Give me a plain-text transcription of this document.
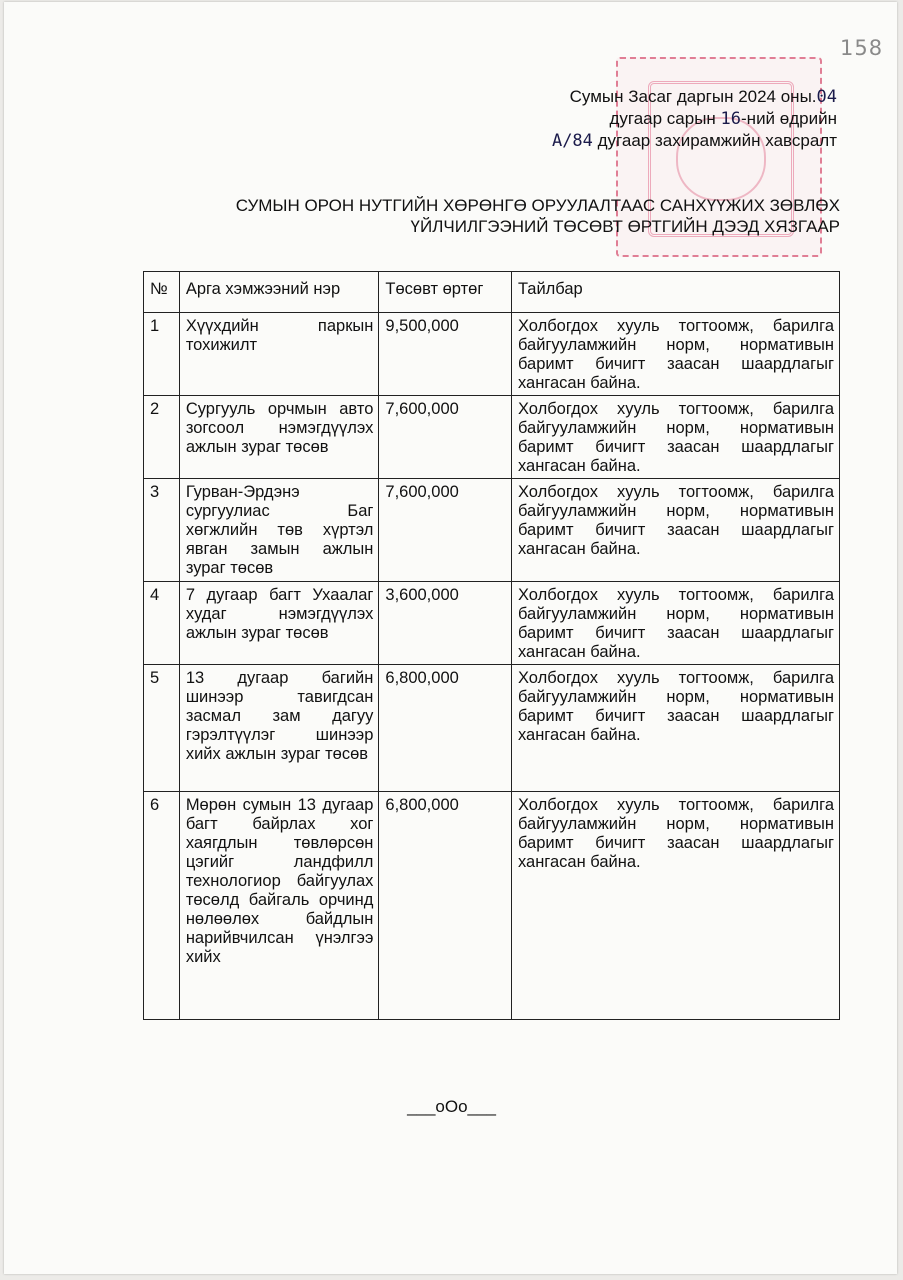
158
Сумын Засаг даргын 2024 оны.04
дугаар сарын 16-ний өдрийн
A/84 дугаар захирамжийн хавсралт
СУМЫН ОРОН НУТГИЙН ХӨРӨНГӨ ОРУУЛАЛТААС САНХҮҮЖИХ ЗӨВЛӨХ
ҮЙЛЧИЛГЭЭНИЙ ТӨСӨВТ ӨРТГИЙН ДЭЭД ХЯЗГААР
№	Арга хэмжээний нэр	Төсөвт өртөг	Тайлбар
1	Хүүхдийн паркын тохижилт	9,500,000	Холбогдох хууль тогтоомж, барилга байгууламжийн норм, нормативын баримт бичигт заасан шаардлагыг хангасан байна.
2	Сургууль орчмын авто зогсоол нэмэгдүүлэх ажлын зураг төсөв	7,600,000	Холбогдох хууль тогтоомж, барилга байгууламжийн норм, нормативын баримт бичигт заасан шаардлагыг хангасан байна.
3	Гурван-Эрдэнэ сургуулиас Баг хөгжлийн төв хүртэл явган замын ажлын зураг төсөв	7,600,000	Холбогдох хууль тогтоомж, барилга байгууламжийн норм, нормативын баримт бичигт заасан шаардлагыг хангасан байна.
4	7 дугаар багт Ухаалаг худаг нэмэгдүүлэх ажлын зураг төсөв	3,600,000	Холбогдох хууль тогтоомж, барилга байгууламжийн норм, нормативын баримт бичигт заасан шаардлагыг хангасан байна.
5	13 дугаар багийн шинээр тавигдсан засмал зам дагуу гэрэлтүүлэг шинээр хийх ажлын зураг төсөв	6,800,000	Холбогдох хууль тогтоомж, барилга байгууламжийн норм, нормативын баримт бичигт заасан шаардлагыг хангасан байна.
6	Мөрөн сумын 13 дугаар багт байрлах хог хаягдлын төвлөрсөн цэгийг ландфилл технологиор байгуулах төсөлд байгаль орчинд нөлөөлөх байдлын нарийвчилсан үнэлгээ хийх	6,800,000	Холбогдох хууль тогтоомж, барилга байгууламжийн норм, нормативын баримт бичигт заасан шаардлагыг хангасан байна.
___oOo___
